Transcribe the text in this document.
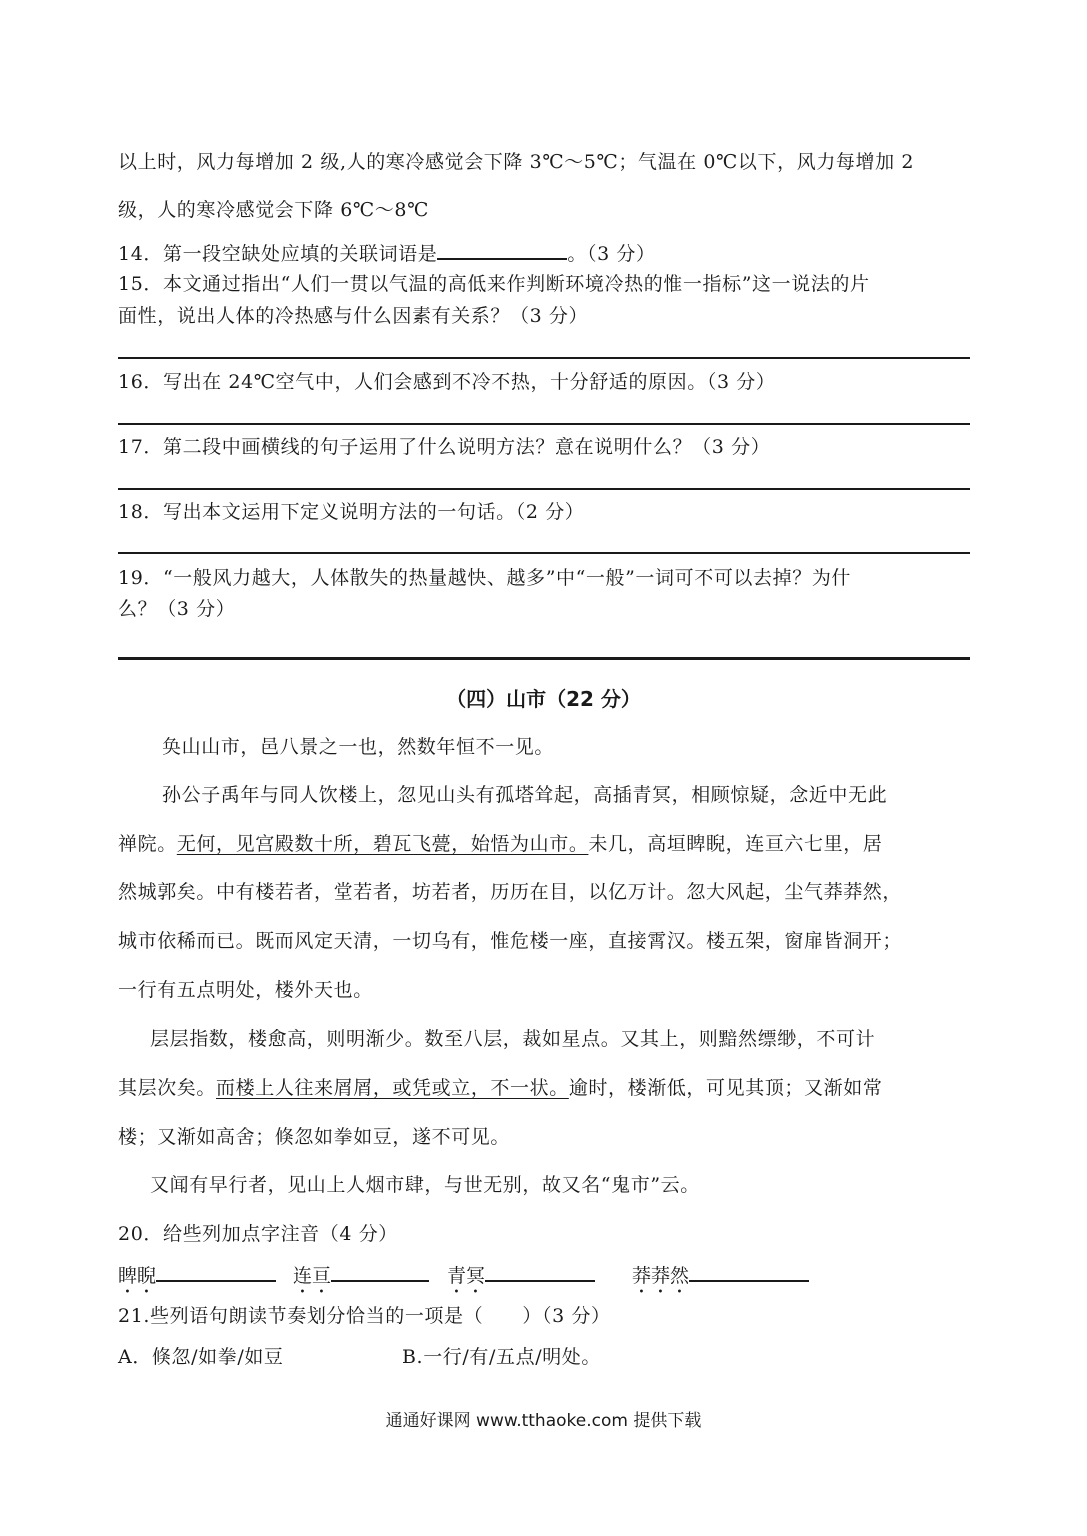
以上时，风力每增加 2 级,人的寒冷感觉会下降 3℃～5℃；气温在 0℃以下，风力每增加 2
级，人的寒冷感觉会下降 6℃～8℃
14．第一段空缺处应填的关联词语是	。（3 分）
15．本文通过指出“人们一贯以气温的高低来作判断环境冷热的惟一指标”这一说法的片
面性，说出人体的冷热感与什么因素有关系？（3 分）
16．写出在 24℃空气中，人们会感到不冷不热，十分舒适的原因。（3 分）
17．第二段中画横线的句子运用了什么说明方法？意在说明什么？（3 分）
18．写出本文运用下定义说明方法的一句话。（2 分）
19．“一般风力越大，人体散失的热量越快、越多”中“一般”一词可不可以去掉？为什
么？（3 分）
（四）山市（22 分）
奂山山市，邑八景之一也，然数年恒不一见。
孙公子禹年与同人饮楼上，忽见山头有孤塔耸起，高插青冥，相顾惊疑，念近中无此
禅院。无何，见宫殿数十所，碧瓦飞甍，始悟为山市。未几，高垣睥睨，连亘六七里，居
然城郭矣。中有楼若者，堂若者，坊若者，历历在目，以亿万计。忽大风起，尘气莽莽然，
城市依稀而已。既而风定天清，一切乌有，惟危楼一座，直接霄汉。楼五架，窗扉皆洞开；
一行有五点明处，楼外天也。
层层指数，楼愈高，则明渐少。数至八层，裁如星点。又其上，则黯然缥缈，不可计
其层次矣。而楼上人往来屑屑，或凭或立，不一状。逾时，楼渐低，可见其顶；又渐如常
楼；又渐如高舍；倏忽如拳如豆，遂不可见。
又闻有早行者，见山上人烟市肆，与世无别，故又名“鬼市”云。
20．给些列加点字注音（4 分）
睥睨	连亘	青冥	莽莽然
21.些列语句朗读节奏划分恰当的一项是（　　）（3 分）
A．倏忽/如拳/如豆	B.一行/有/五点/明处。
通通好课网 www.tthaoke.com 提供下载
